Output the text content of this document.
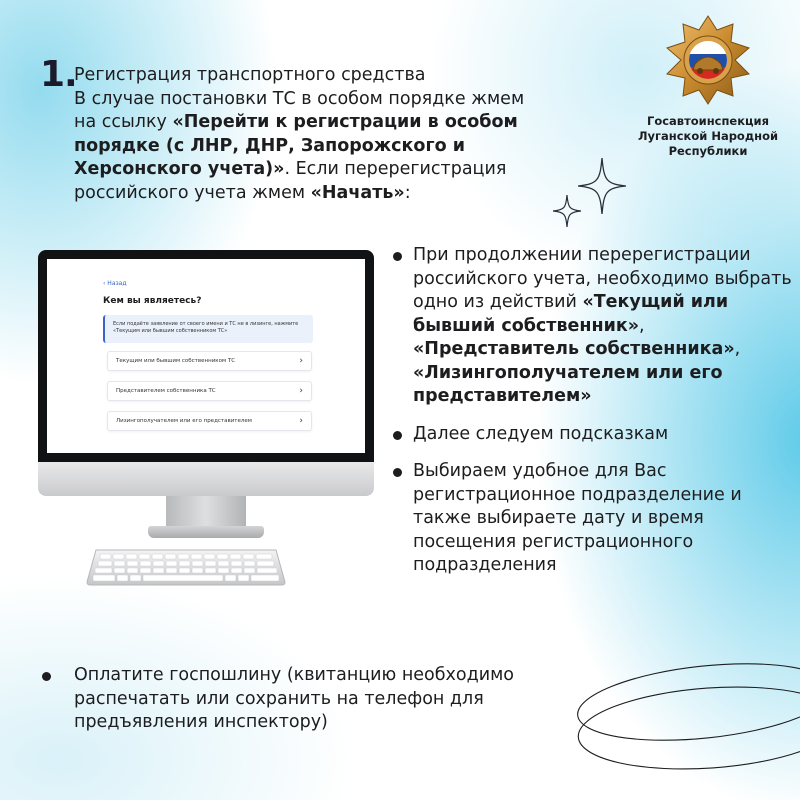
1.
Регистрация транспортного средства
В случае постановки ТС в особом порядке жмем на ссылку «Перейти к регистрации в особом порядке (с ЛНР, ДНР, Запорожского и Херсонского учета)». Если перерегистрация российского учета жмем «Начать»:
Госавтоинспекция
Луганской Народной
Республики
‹ Назад
Кем вы являетесь?
Если подаёте заявление от своего имени и ТС не в лизинге, нажмите «Текущим или бывшим собственником ТС»
Текущим или бывшим собственником ТС	›
Представителем собственника ТС	›
Лизингополучателем или его представителем	›
При продолжении перерегистрации российского учета, необходимо выбрать одно из действий «Текущий или бывший собственник», «Представитель собственника», «Лизингополучателем или его представителем»
Далее следуем подсказкам
Выбираем удобное для Вас регистрационное подразделение и также выбираете дату и время посещения регистрационного подразделения
Оплатите госпошлину (квитанцию необходимо распечатать или сохранить на телефон для предъявления инспектору)
